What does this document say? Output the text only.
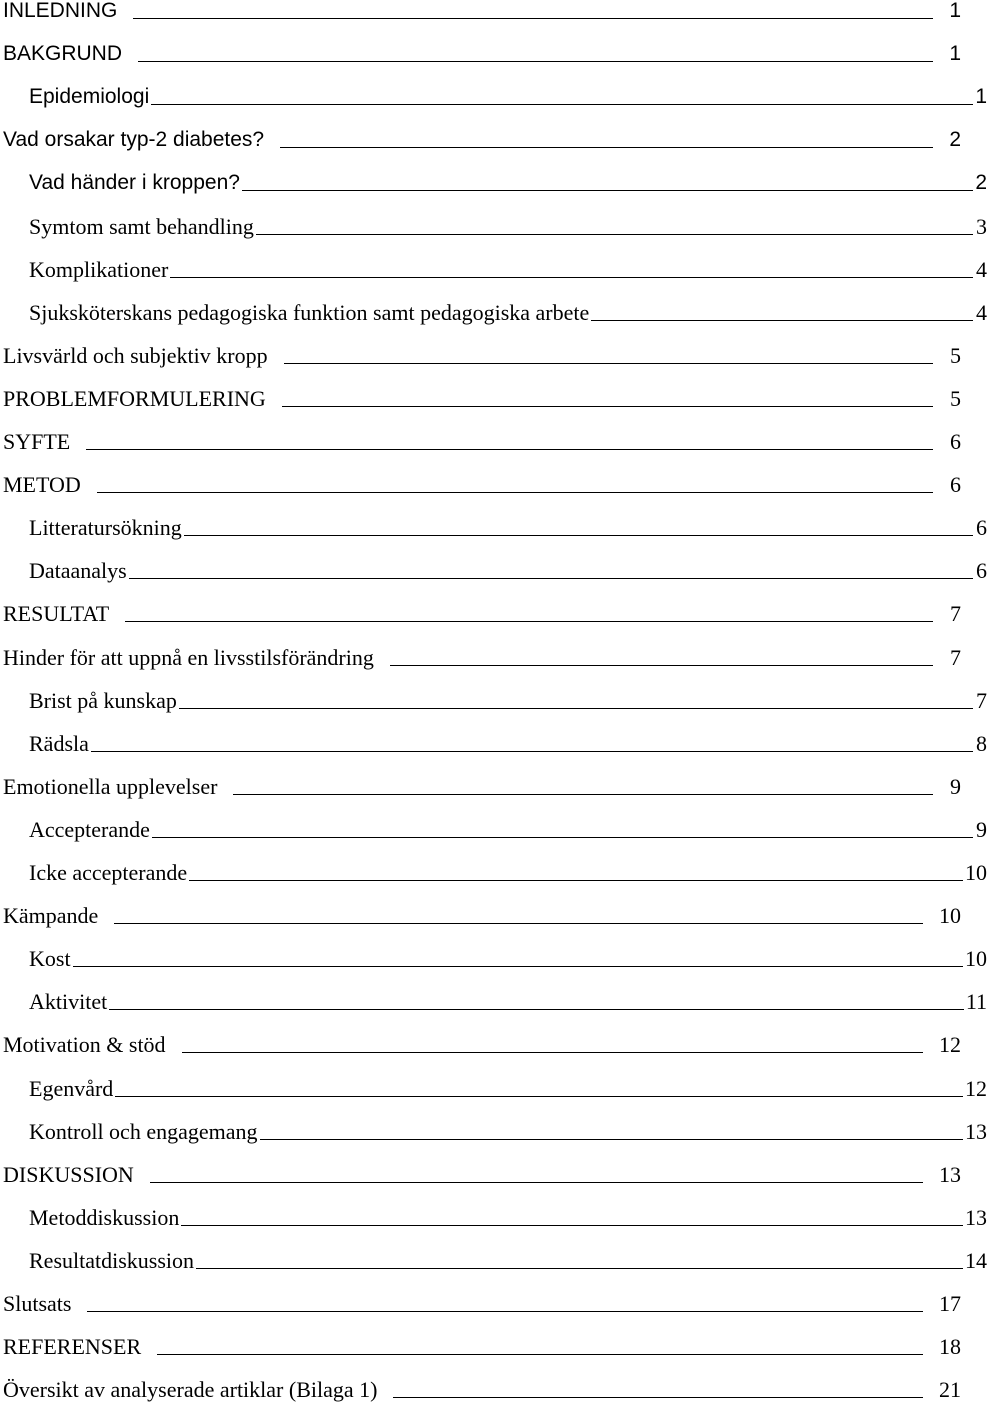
INLEDNING	1
BAKGRUND	1
Epidemiologi	1
Vad orsakar typ-2 diabetes?	2
Vad händer i kroppen?	2
Symtom samt behandling	3
Komplikationer	4
Sjuksköterskans pedagogiska funktion samt pedagogiska arbete	4
Livsvärld och subjektiv kropp	5
PROBLEMFORMULERING	5
SYFTE	6
METOD	6
Litteratursökning	6
Dataanalys	6
RESULTAT	7
Hinder för att uppnå en livsstilsförändring	7
Brist på kunskap	7
Rädsla	8
Emotionella upplevelser	9
Accepterande	9
Icke accepterande	10
Kämpande	10
Kost	10
Aktivitet	11
Motivation & stöd	12
Egenvård	12
Kontroll och engagemang	13
DISKUSSION	13
Metoddiskussion	13
Resultatdiskussion	14
Slutsats	17
REFERENSER	18
Översikt av analyserade artiklar (Bilaga 1)	21
